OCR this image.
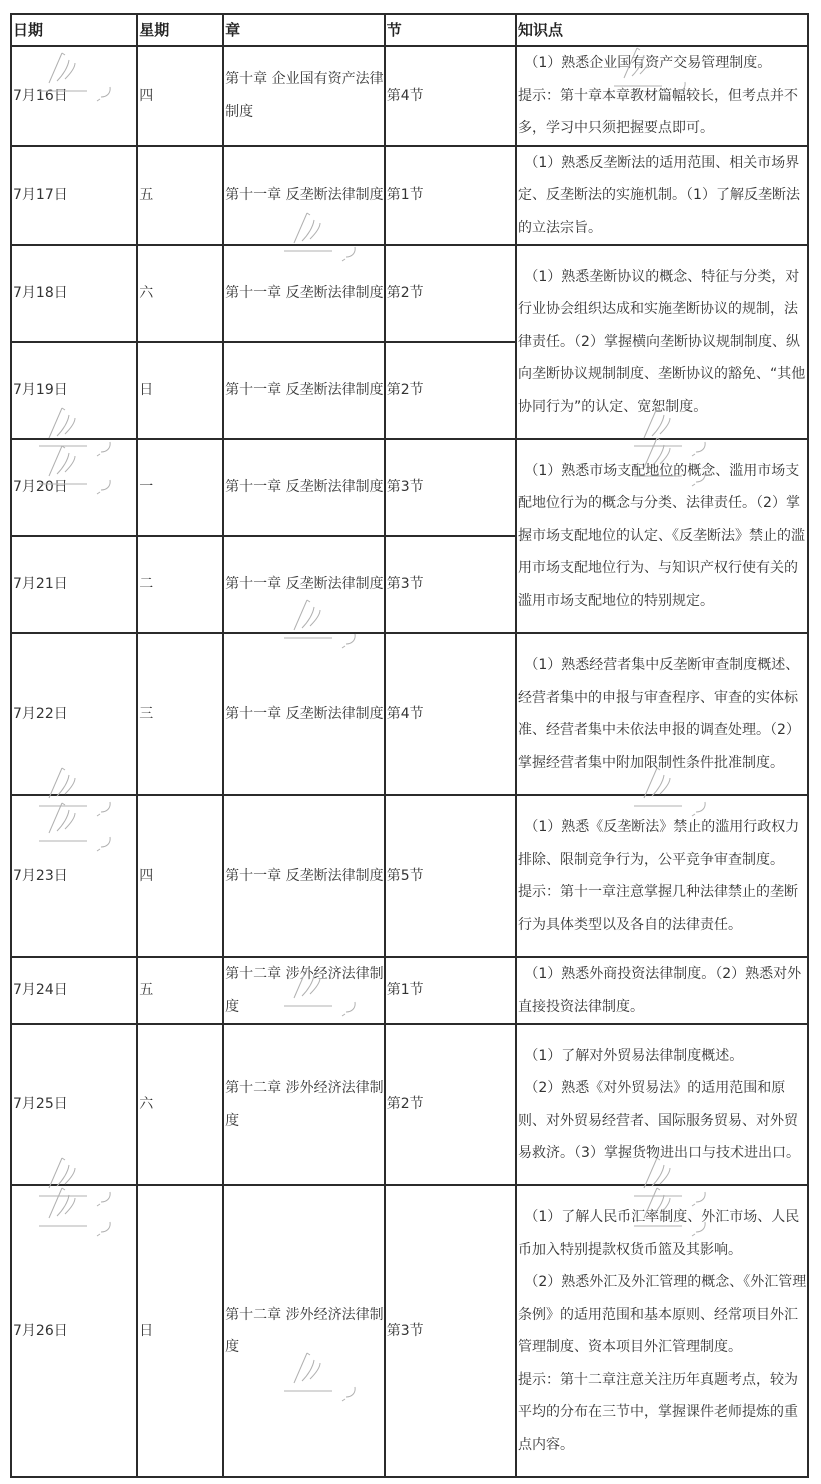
日期	星期	章	节	知识点
7月16日	四	第十章 企业国有资产法律制度	第4节	（1）熟悉企业国有资产交易管理制度。
提示：第十章本章教材篇幅较长，但考点并不多，学习中只须把握要点即可。

7月17日	五	第十一章 反垄断法律制度	第1节	（1）熟悉反垄断法的适用范围、相关市场界定、反垄断法的实施机制。（1）了解反垄断法的立法宗旨。

7月18日	六	第十一章 反垄断法律制度	第2节	（1）熟悉垄断协议的概念、特征与分类，对行业协会组织达成和实施垄断协议的规制，法律责任。（2）掌握横向垄断协议规制制度、纵向垄断协议规制制度、垄断协议的豁免、“其他协同行为”的认定、宽恕制度。

7月19日	日	第十一章 反垄断法律制度	第2节	
7月20日	一	第十一章 反垄断法律制度	第3节	（1）熟悉市场支配地位的概念、滥用市场支配地位行为的概念与分类、法律责任。（2）掌握市场支配地位的认定、《反垄断法》禁止的滥用市场支配地位行为、与知识产权行使有关的滥用市场支配地位的特别规定。

7月21日	二	第十一章 反垄断法律制度	第3节	
7月22日	三	第十一章 反垄断法律制度	第4节	（1）熟悉经营者集中反垄断审查制度概述、经营者集中的申报与审查程序、审查的实体标准、经营者集中未依法申报的调查处理。（2）掌握经营者集中附加限制性条件批准制度。

7月23日	四	第十一章 反垄断法律制度	第5节	（1）熟悉《反垄断法》禁止的滥用行政权力排除、限制竞争行为，公平竞争审查制度。
提示：第十一章注意掌握几种法律禁止的垄断行为具体类型以及各自的法律责任。

7月24日	五	第十二章 涉外经济法律制度	第1节	（1）熟悉外商投资法律制度。（2）熟悉对外直接投资法律制度。

7月25日	六	第十二章 涉外经济法律制度	第2节	（1）了解对外贸易法律制度概述。
（2）熟悉《对外贸易法》的适用范围和原则、对外贸易经营者、国际服务贸易、对外贸易救济。（3）掌握货物进出口与技术进出口。

7月26日	日	第十二章 涉外经济法律制度	第3节	（1）了解人民币汇率制度、外汇市场、人民币加入特别提款权货币篮及其影响。
（2）熟悉外汇及外汇管理的概念、《外汇管理条例》的适用范围和基本原则、经常项目外汇管理制度、资本项目外汇管理制度。
提示：第十二章注意关注历年真题考点，较为平均的分布在三节中，掌握课件老师提炼的重点内容。
